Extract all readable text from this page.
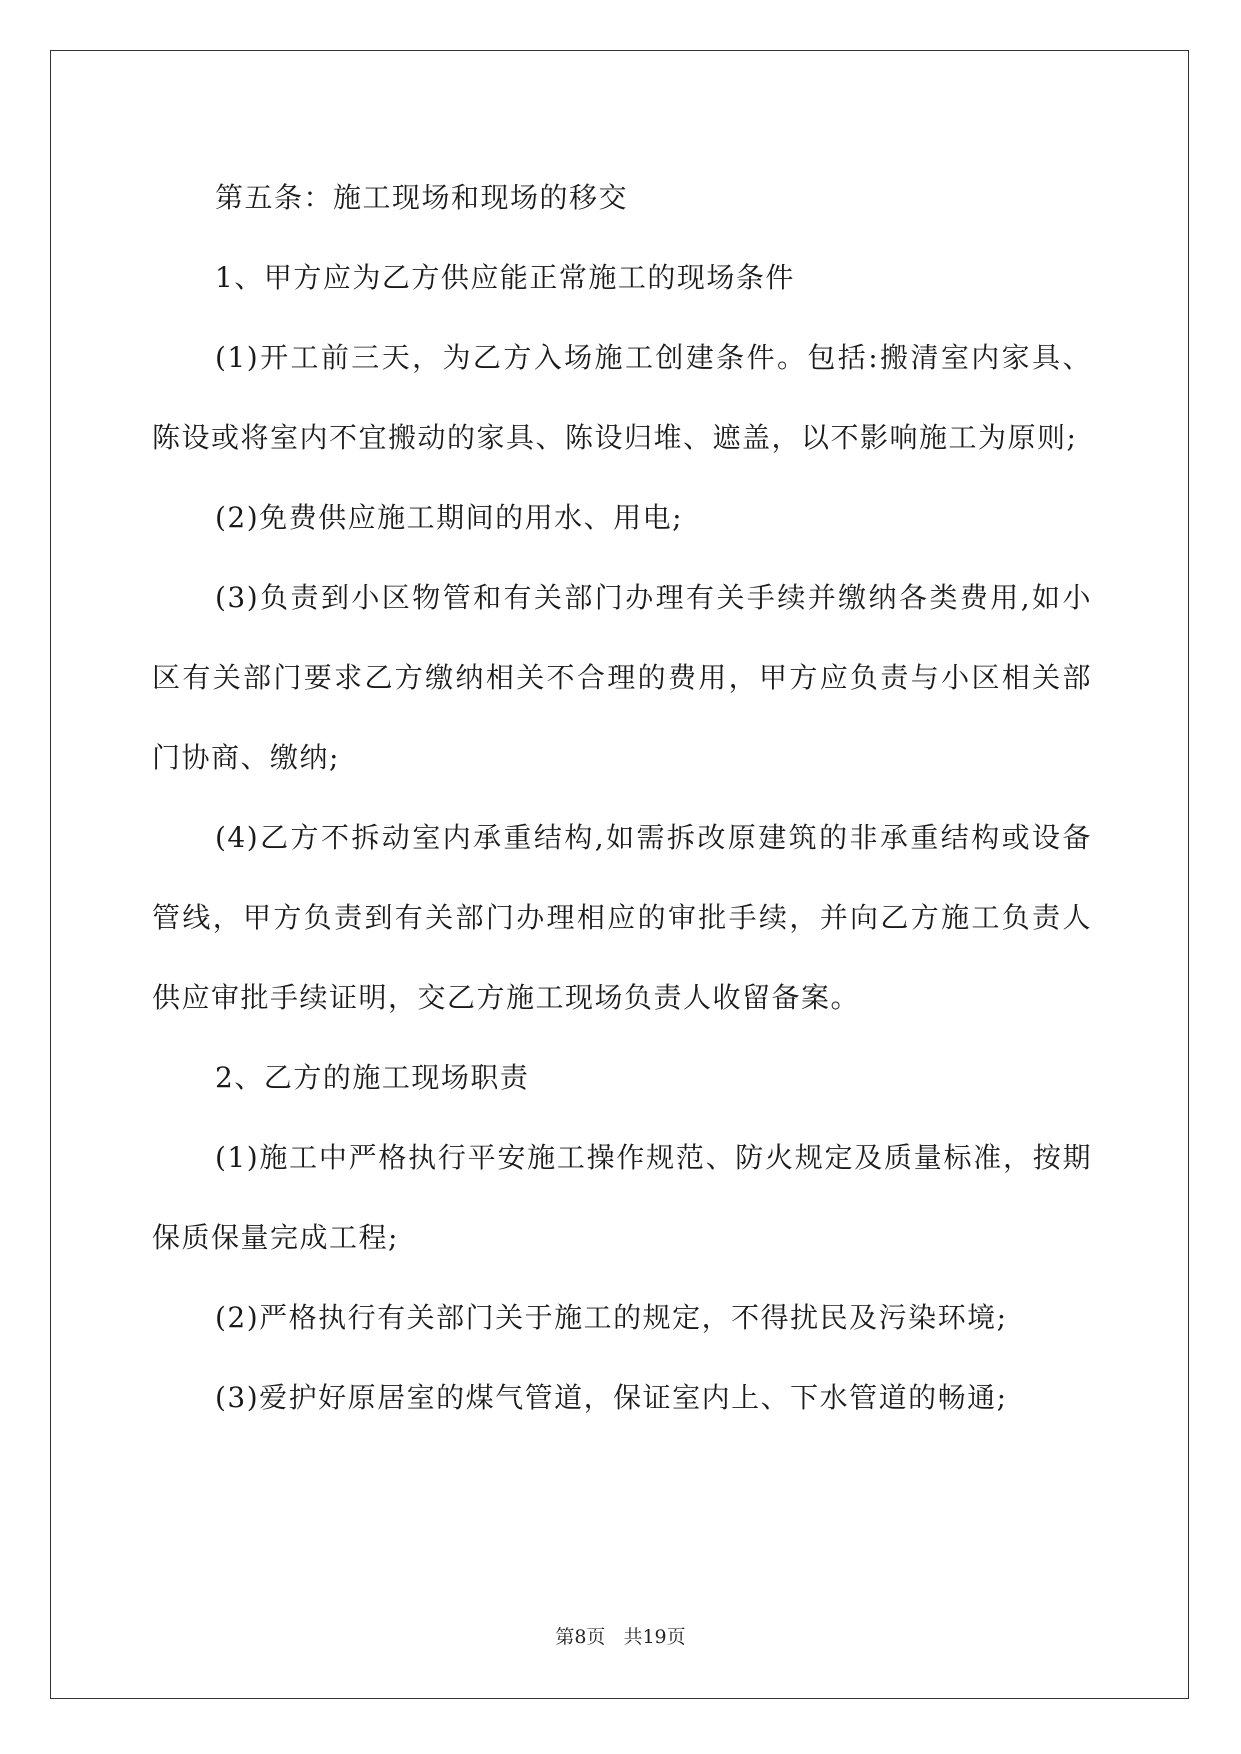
第五条：施工现场和现场的移交

1、甲方应为乙方供应能正常施工的现场条件

(1)开工前三天，为乙方入场施工创建条件。包括:搬清室内家具、陈设或将室内不宜搬动的家具、陈设归堆、遮盖，以不影响施工为原则;

(2)免费供应施工期间的用水、用电;

(3)负责到小区物管和有关部门办理有关手续并缴纳各类费用,如小区有关部门要求乙方缴纳相关不合理的费用，甲方应负责与小区相关部门协商、缴纳;

(4)乙方不拆动室内承重结构,如需拆改原建筑的非承重结构或设备管线，甲方负责到有关部门办理相应的审批手续，并向乙方施工负责人供应审批手续证明，交乙方施工现场负责人收留备案。

2、乙方的施工现场职责

(1)施工中严格执行平安施工操作规范、防火规定及质量标准，按期保质保量完成工程;

(2)严格执行有关部门关于施工的规定，不得扰民及污染环境;

(3)爱护好原居室的煤气管道，保证室内上、下水管道的畅通;

第8页 共19页
